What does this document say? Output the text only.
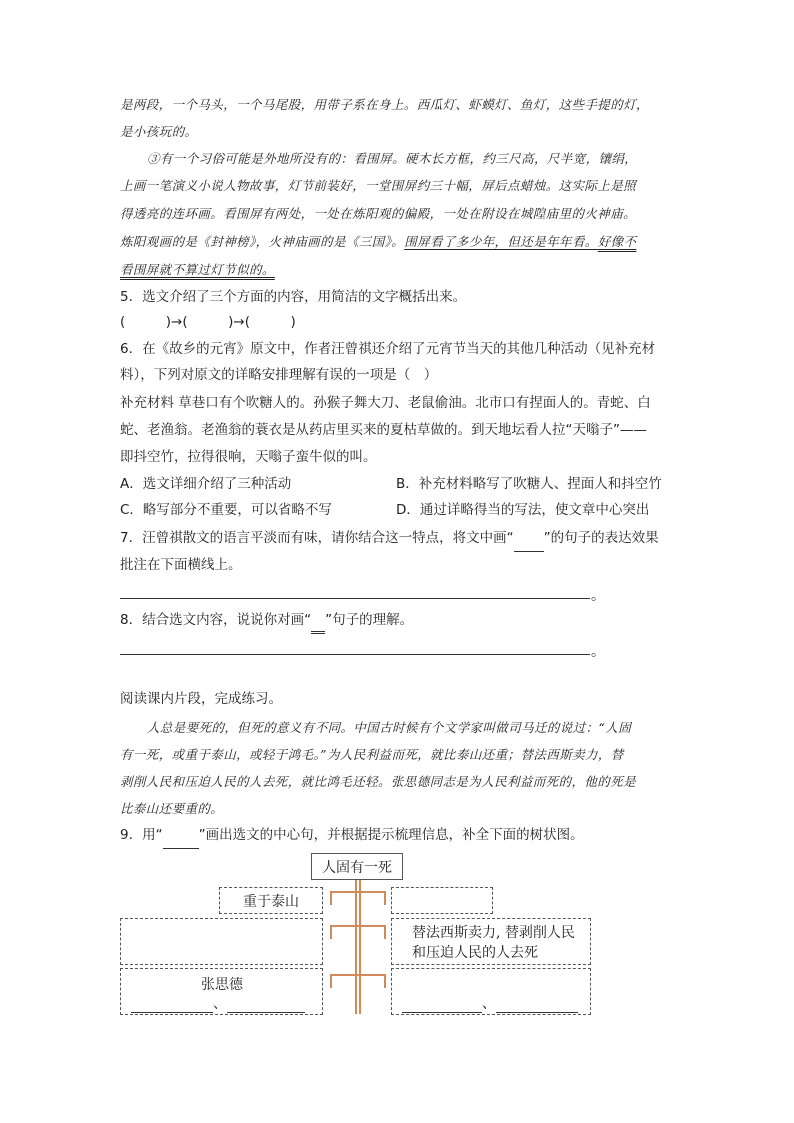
是两段，一个马头，一个马尾股，用带子系在身上。西瓜灯、虾蟆灯、鱼灯，这些手提的灯，
是小孩玩的。
③有一个习俗可能是外地所没有的：看围屏。硬木长方框，约三尺高，尺半宽，镶绢，
上画一笔演义小说人物故事，灯节前装好，一堂围屏约三十幅，屏后点蜡烛。这实际上是照
得透亮的连环画。看围屏有两处，一处在炼阳观的偏殿，一处在附设在城隍庙里的火神庙。
炼阳观画的是《封神榜》，火神庙画的是《三国》。围屏看了多少年，但还是年年看。好像不
看围屏就不算过灯节似的。
5．选文介绍了三个方面的内容，用简洁的文字概括出来。
(　　　)→(　　　)→(　　　)
6．在《故乡的元宵》原文中，作者汪曾祺还介绍了元宵节当天的其他几种活动（见补充材
料），下列对原文的详略安排理解有误的一项是（　）
补充材料 草巷口有个吹糖人的。孙猴子舞大刀、老鼠偷油。北市口有捏面人的。青蛇、白
蛇、老渔翁。老渔翁的蓑衣是从药店里买来的夏枯草做的。到天地坛看人拉“天嗡子”——
即抖空竹，拉得很响，天嗡子蛮牛似的叫。
A．选文详细介绍了三种活动	B．补充材料略写了吹糖人、捏面人和抖空竹
C．略写部分不重要，可以省略不写	D．通过详略得当的写法，使文章中心突出
7．汪曾祺散文的语言平淡而有味，请你结合这一特点，将文中画“ ”的句子的表达效果
批注在下面横线上。
。
8．结合选文内容，说说你对画“ ”句子的理解。
。
阅读课内片段，完成练习。
人总是要死的，但死的意义有不同。中国古时候有个文学家叫做司马迁的说过：“人固
有一死，或重于泰山，或轻于鸿毛。”为人民利益而死，就比泰山还重；替法西斯卖力，替
剥削人民和压迫人民的人去死，就比鸿毛还轻。张思德同志是为人民利益而死的，他的死是
比泰山还要重的。
9．用“	”画出选文的中心句，并根据提示梳理信息，补全下面的树状图。
人固有一死
重于泰山
替法西斯卖力, 替剥削人民
和压迫人民的人去死
张思德
、	、
